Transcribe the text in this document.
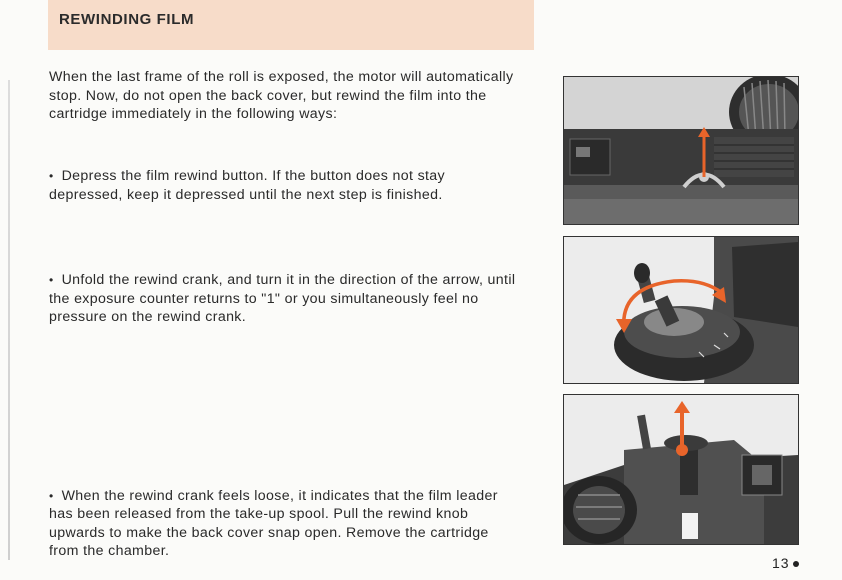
REWINDING FILM

When the last frame of the roll is exposed, the motor will automatically stop. Now, do not open the back cover, but rewind the film into the cartridge immediately in the following ways:

• Depress the film rewind button. If the button does not stay depressed, keep it depressed until the next step is finished.

• Unfold the rewind crank, and turn it in the direction of the arrow, until the exposure counter returns to "1" or you simultaneously feel no pressure on the rewind crank.

• When the rewind crank feels loose, it indicates that the film leader has been released from the take-up spool. Pull the rewind knob upwards to make the back cover snap open. Remove the cartridge from the chamber.

13
